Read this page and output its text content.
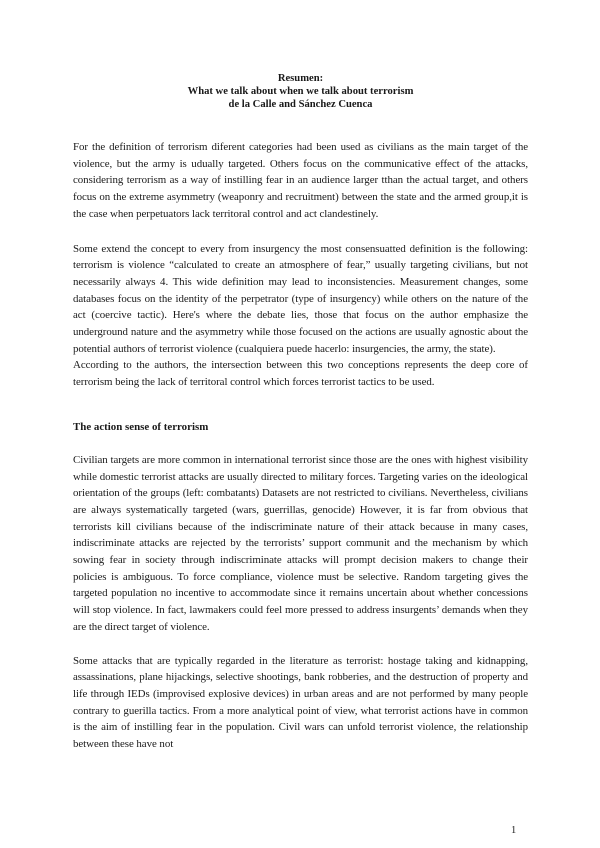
Resumen:
What we talk about when we talk about terrorism
de la Calle and Sánchez Cuenca

For the definition of terrorism diferent categories had been used as civilians as the main target of the violence, but the army is udually targeted. Others focus on the communicative effect of the attacks, considering terrorism as a way of instilling fear in an audience larger tthan the actual target, and others focus on the extreme asymmetry (weaponry and recruitment) between the state and the armed group,it is the case when perpetuators lack territoral control and act clandestinely.

Some extend the concept to every from insurgency the most consensuatted definition is the following: terrorism is violence “calculated to create an atmosphere of fear,” usually targeting civilians, but not necessarily always 4. This wide definition may lead to inconsistencies. Measurement changes, some databases focus on the identity of the perpetrator (type of insurgency) while others on the nature of the act (coercive tactic). Here's where the debate lies, those that focus on the author emphasize the underground nature and the asymmetry while those focused on the actions are usually agnostic about the potential authors of terrorist violence (cualquiera puede hacerlo: insurgencies, the army, the state).

According to the authors, the intersection between this two conceptions represents the deep core of terrorism being the lack of territoral control which forces terrorist tactics to be used.

The action sense of terrorism

Civilian targets are more common in international terrorist since those are the ones with highest visibility while domestic terrorist attacks are usually directed to military forces. Targeting varies on the ideological orientation of the groups (left: combatants) Datasets are not restricted to civilians. Nevertheless, civilians are always systematically targeted (wars, guerrillas, genocide) However, it is far from obvious that terrorists kill civilians because of the indiscriminate nature of their attack because in many cases, indiscriminate attacks are rejected by the terrorists’ support communit and the mechanism by which sowing fear in society through indiscriminate attacks will prompt decision makers to change their policies is ambiguous. To force compliance, violence must be selective. Random targeting gives the targeted population no incentive to accommodate since it remains uncertain about whether concessions will stop violence. In fact, lawmakers could feel more pressed to address insurgents’ demands when they are the direct target of violence.

Some attacks that are typically regarded in the literature as terrorist: hostage taking and kidnapping, assassinations, plane hijackings, selective shootings, bank robberies, and the destruction of property and life through IEDs (improvised explosive devices) in urban areas and are not performed by many people contrary to guerilla tactics. From a more analytical point of view, what terrorist actions have in common is the aim of instilling fear in the population. Civil wars can unfold terrorist violence, the relationship between these have not

1
